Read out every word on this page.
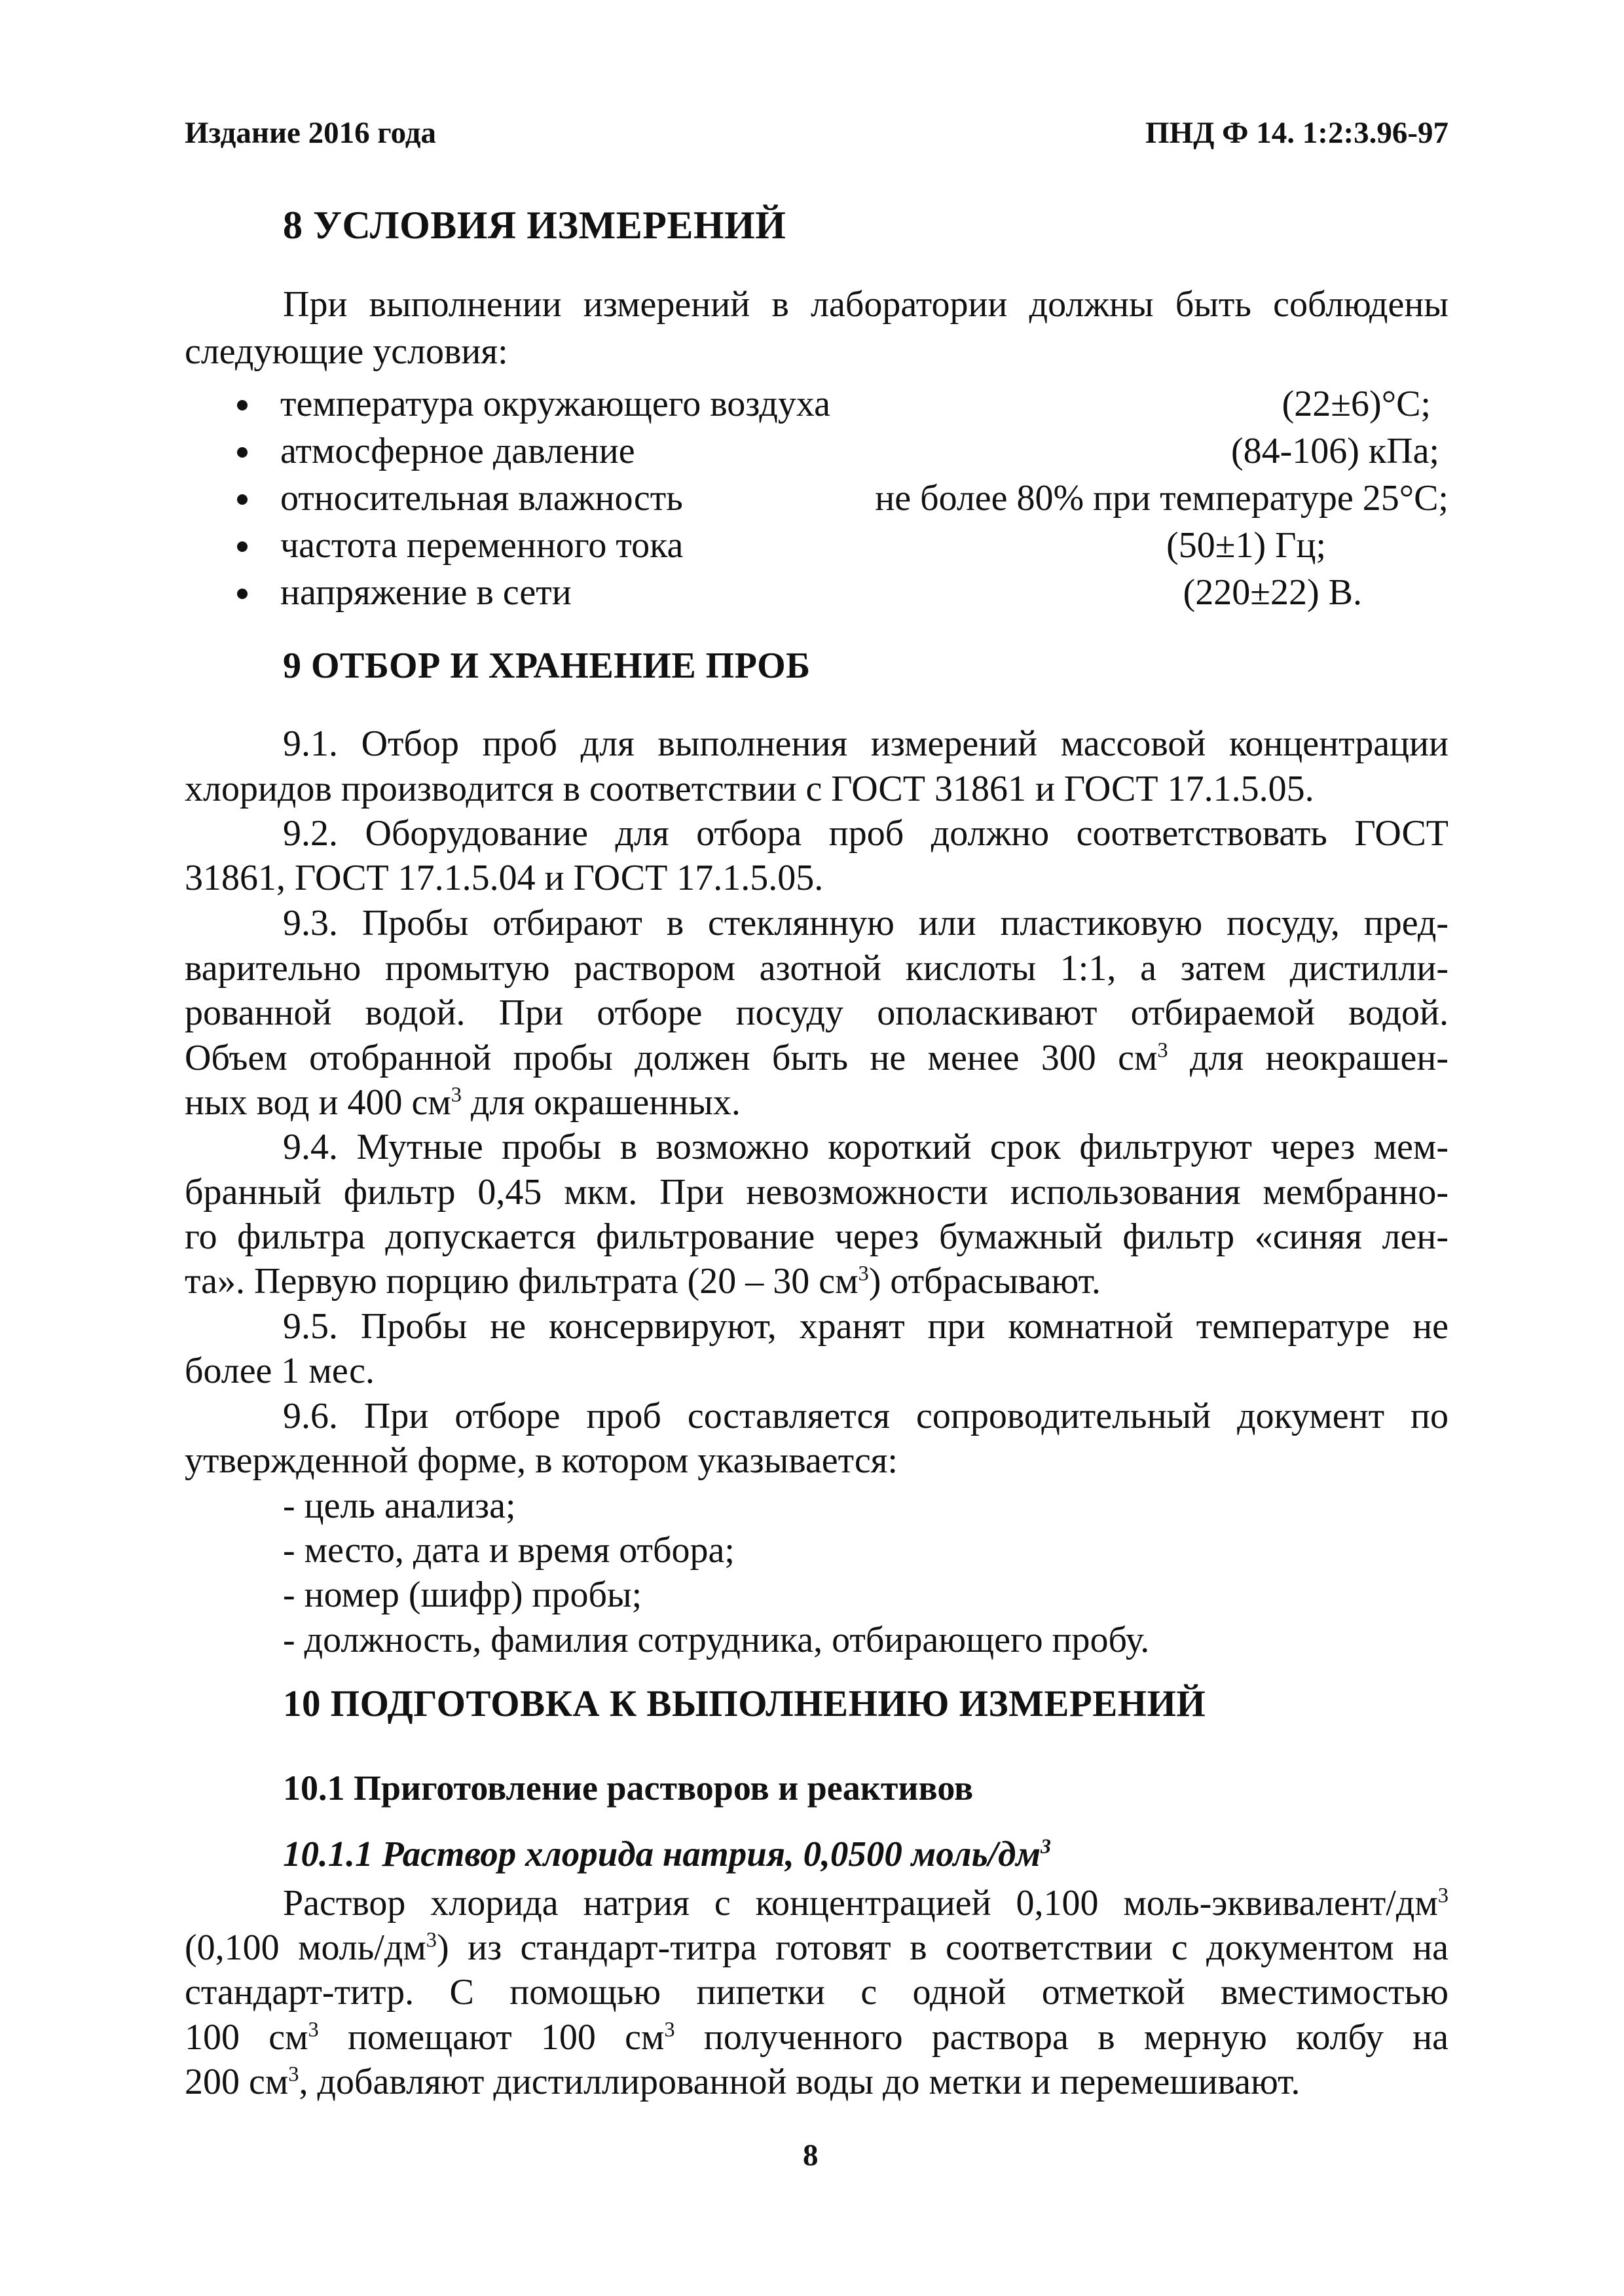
Издание 2016 года	ПНД Ф 14. 1:2:3.96-97
8 УСЛОВИЯ ИЗМЕРЕНИЙ
При выполнении измерений в лаборатории должны быть соблюдены
следующие условия:
температура окружающего воздуха	(22±6)°С;
атмосферное давление	(84-106) кПа;
относительная влажность	не более 80% при температуре 25°С;
частота переменного тока	(50±1) Гц;
напряжение в сети	(220±22) В.
9 ОТБОР И ХРАНЕНИЕ ПРОБ
9.1. Отбор проб для выполнения измерений массовой концентрации
хлоридов производится в соответствии с ГОСТ 31861 и ГОСТ 17.1.5.05.
9.2. Оборудование для отбора проб должно соответствовать ГОСТ
31861, ГОСТ 17.1.5.04 и ГОСТ 17.1.5.05.
9.3. Пробы отбирают в стеклянную или пластиковую посуду, пред-
варительно промытую раствором азотной кислоты 1:1, а затем дистилли-
рованной водой. При отборе посуду ополаскивают отбираемой водой.
Объем отобранной пробы должен быть не менее 300 $см^3$ для неокрашен-
ных вод и 400 $см^3$ для окрашенных.
9.4. Мутные пробы в возможно короткий срок фильтруют через мем-
бранный фильтр 0,45 мкм. При невозможности использования мембранно-
го фильтра допускается фильтрование через бумажный фильтр «синяя лен-
та». Первую порцию фильтрата (20 – 30 $см^3$) отбрасывают.
9.5. Пробы не консервируют, хранят при комнатной температуре не
более 1 мес.
9.6. При отборе проб составляется сопроводительный документ по
утвержденной форме, в котором указывается:
- цель анализа;
- место, дата и время отбора;
- номер (шифр) пробы;
- должность, фамилия сотрудника, отбирающего пробу.
10 ПОДГОТОВКА К ВЫПОЛНЕНИЮ ИЗМЕРЕНИЙ
10.1 Приготовление растворов и реактивов
10.1.1 Раствор хлорида натрия, 0,0500 моль/$дм^3$
Раствор хлорида натрия с концентрацией 0,100 моль-$эквивалент/дм^3$
(0,100 моль/$дм^3$) из стандарт-титра готовят в соответствии с документом на
стандарт-титр. С помощью пипетки с одной отметкой вместимостью
100 $см^3$ помещают 100 $см^3$ полученного раствора в мерную колбу на
200 $см^3$, добавляют дистиллированной воды до метки и перемешивают.
8
